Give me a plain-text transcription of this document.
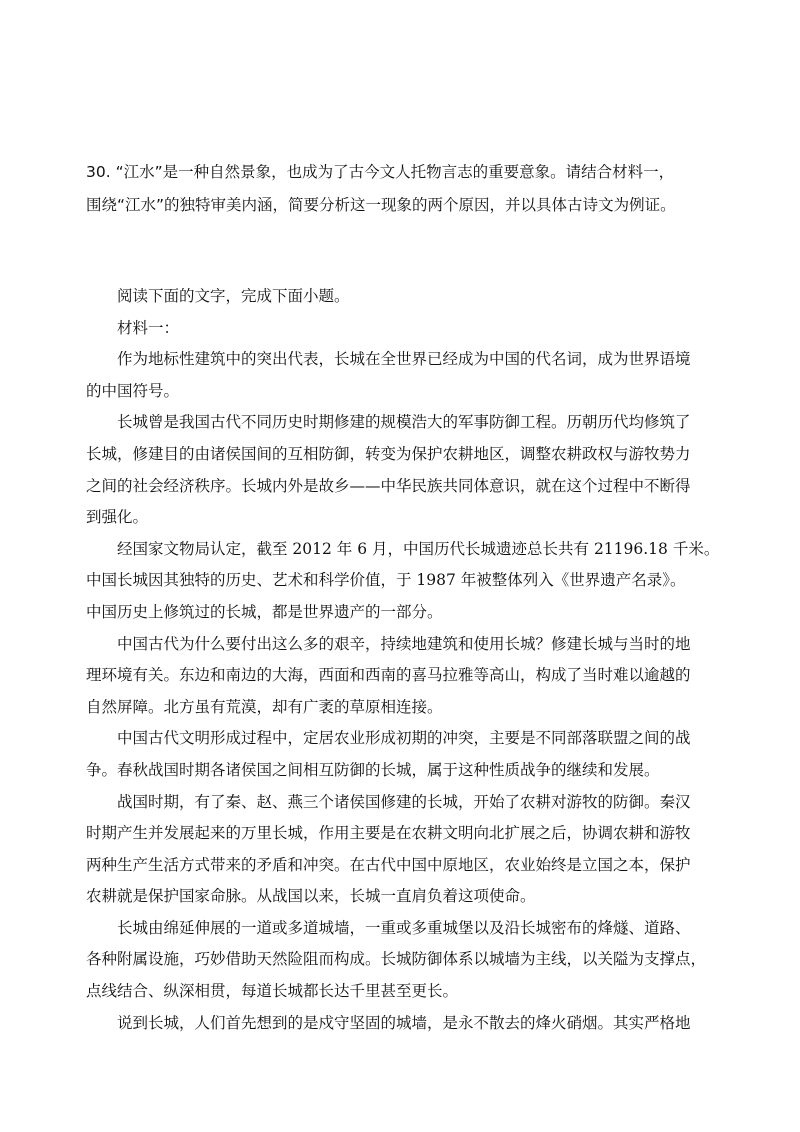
30. “江水”是一种自然景象，也成为了古今文人托物言志的重要意象。请结合材料一，

围绕“江水”的独特审美内涵，简要分析这一现象的两个原因，并以具体古诗文为例证。

阅读下面的文字，完成下面小题。

材料一：

作为地标性建筑中的突出代表，长城在全世界已经成为中国的代名词，成为世界语境

的中国符号。

长城曾是我国古代不同历史时期修建的规模浩大的军事防御工程。历朝历代均修筑了

长城，修建目的由诸侯国间的互相防御，转变为保护农耕地区，调整农耕政权与游牧势力

之间的社会经济秩序。长城内外是故乡——中华民族共同体意识，就在这个过程中不断得

到强化。

经国家文物局认定，截至 2012 年 6 月，中国历代长城遗迹总长共有 21196.18 千米。

中国长城因其独特的历史、艺术和科学价值，于 1987 年被整体列入《世界遗产名录》。

中国历史上修筑过的长城，都是世界遗产的一部分。

中国古代为什么要付出这么多的艰辛，持续地建筑和使用长城？修建长城与当时的地

理环境有关。东边和南边的大海，西面和西南的喜马拉雅等高山，构成了当时难以逾越的

自然屏障。北方虽有荒漠，却有广袤的草原相连接。

中国古代文明形成过程中，定居农业形成初期的冲突，主要是不同部落联盟之间的战

争。春秋战国时期各诸侯国之间相互防御的长城，属于这种性质战争的继续和发展。

战国时期，有了秦、赵、燕三个诸侯国修建的长城，开始了农耕对游牧的防御。秦汉

时期产生并发展起来的万里长城，作用主要是在农耕文明向北扩展之后，协调农耕和游牧

两种生产生活方式带来的矛盾和冲突。在古代中国中原地区，农业始终是立国之本，保护

农耕就是保护国家命脉。从战国以来，长城一直肩负着这项使命。

长城由绵延伸展的一道或多道城墙，一重或多重城堡以及沿长城密布的烽燧、道路、

各种附属设施，巧妙借助天然险阻而构成。长城防御体系以城墙为主线，以关隘为支撑点，

点线结合、纵深相贯，每道长城都长达千里甚至更长。

说到长城，人们首先想到的是戍守坚固的城墙，是永不散去的烽火硝烟。其实严格地
